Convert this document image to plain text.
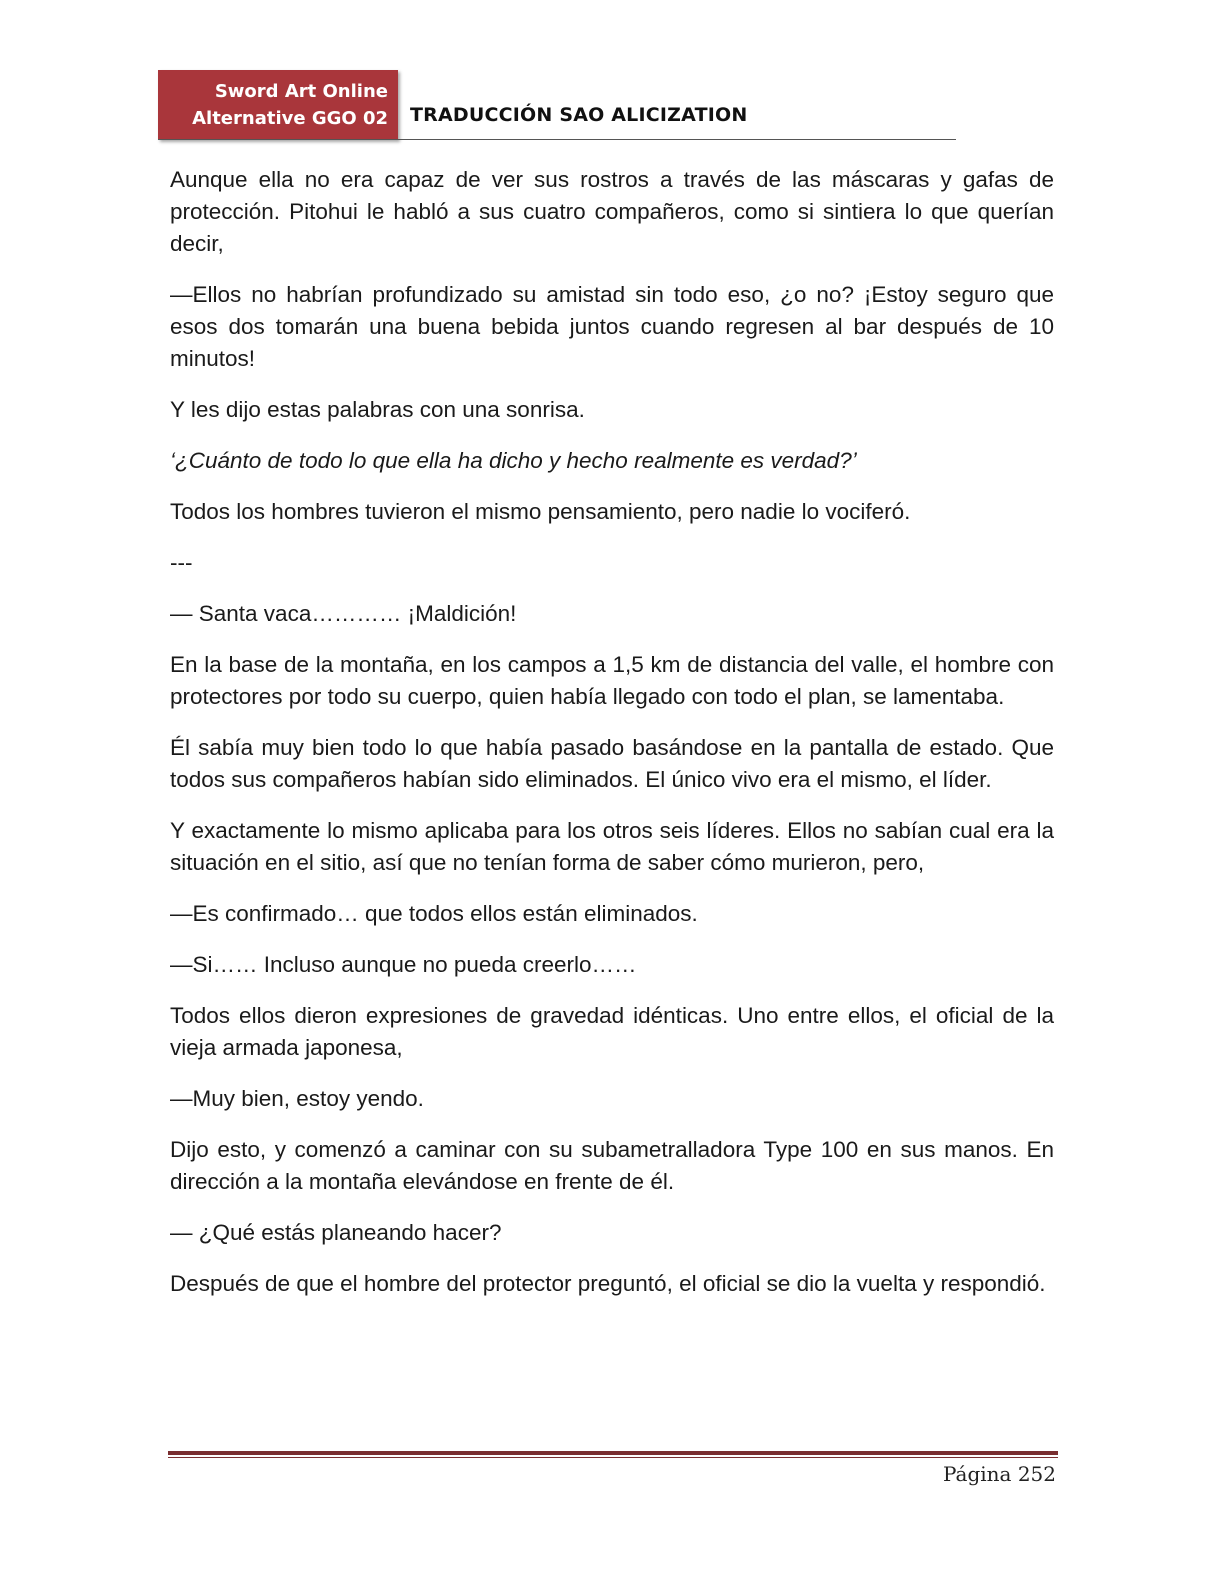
Sword Art Online
Alternative GGO 02 TRADUCCIÓN SAO ALICIZATION

Aunque ella no era capaz de ver sus rostros a través de las máscaras y gafas de protección. Pitohui le habló a sus cuatro compañeros, como si sintiera lo que querían decir,

—Ellos no habrían profundizado su amistad sin todo eso, ¿o no? ¡Estoy seguro que esos dos tomarán una buena bebida juntos cuando regresen al bar después de 10 minutos!

Y les dijo estas palabras con una sonrisa.

‘¿Cuánto de todo lo que ella ha dicho y hecho realmente es verdad?’

Todos los hombres tuvieron el mismo pensamiento, pero nadie lo vociferó.

---

— Santa vaca………… ¡Maldición!

En la base de la montaña, en los campos a 1,5 km de distancia del valle, el hombre con protectores por todo su cuerpo, quien había llegado con todo el plan, se lamentaba.

Él sabía muy bien todo lo que había pasado basándose en la pantalla de estado. Que todos sus compañeros habían sido eliminados. El único vivo era el mismo, el líder.

Y exactamente lo mismo aplicaba para los otros seis líderes. Ellos no sabían cual era la situación en el sitio, así que no tenían forma de saber cómo murieron, pero,

—Es confirmado… que todos ellos están eliminados.

—Si…… Incluso aunque no pueda creerlo……

Todos ellos dieron expresiones de gravedad idénticas. Uno entre ellos, el oficial de la vieja armada japonesa,

—Muy bien, estoy yendo.

Dijo esto, y comenzó a caminar con su subametralladora Type 100 en sus manos. En dirección a la montaña elevándose en frente de él.

— ¿Qué estás planeando hacer?

Después de que el hombre del protector preguntó, el oficial se dio la vuelta y respondió.

Página 252
